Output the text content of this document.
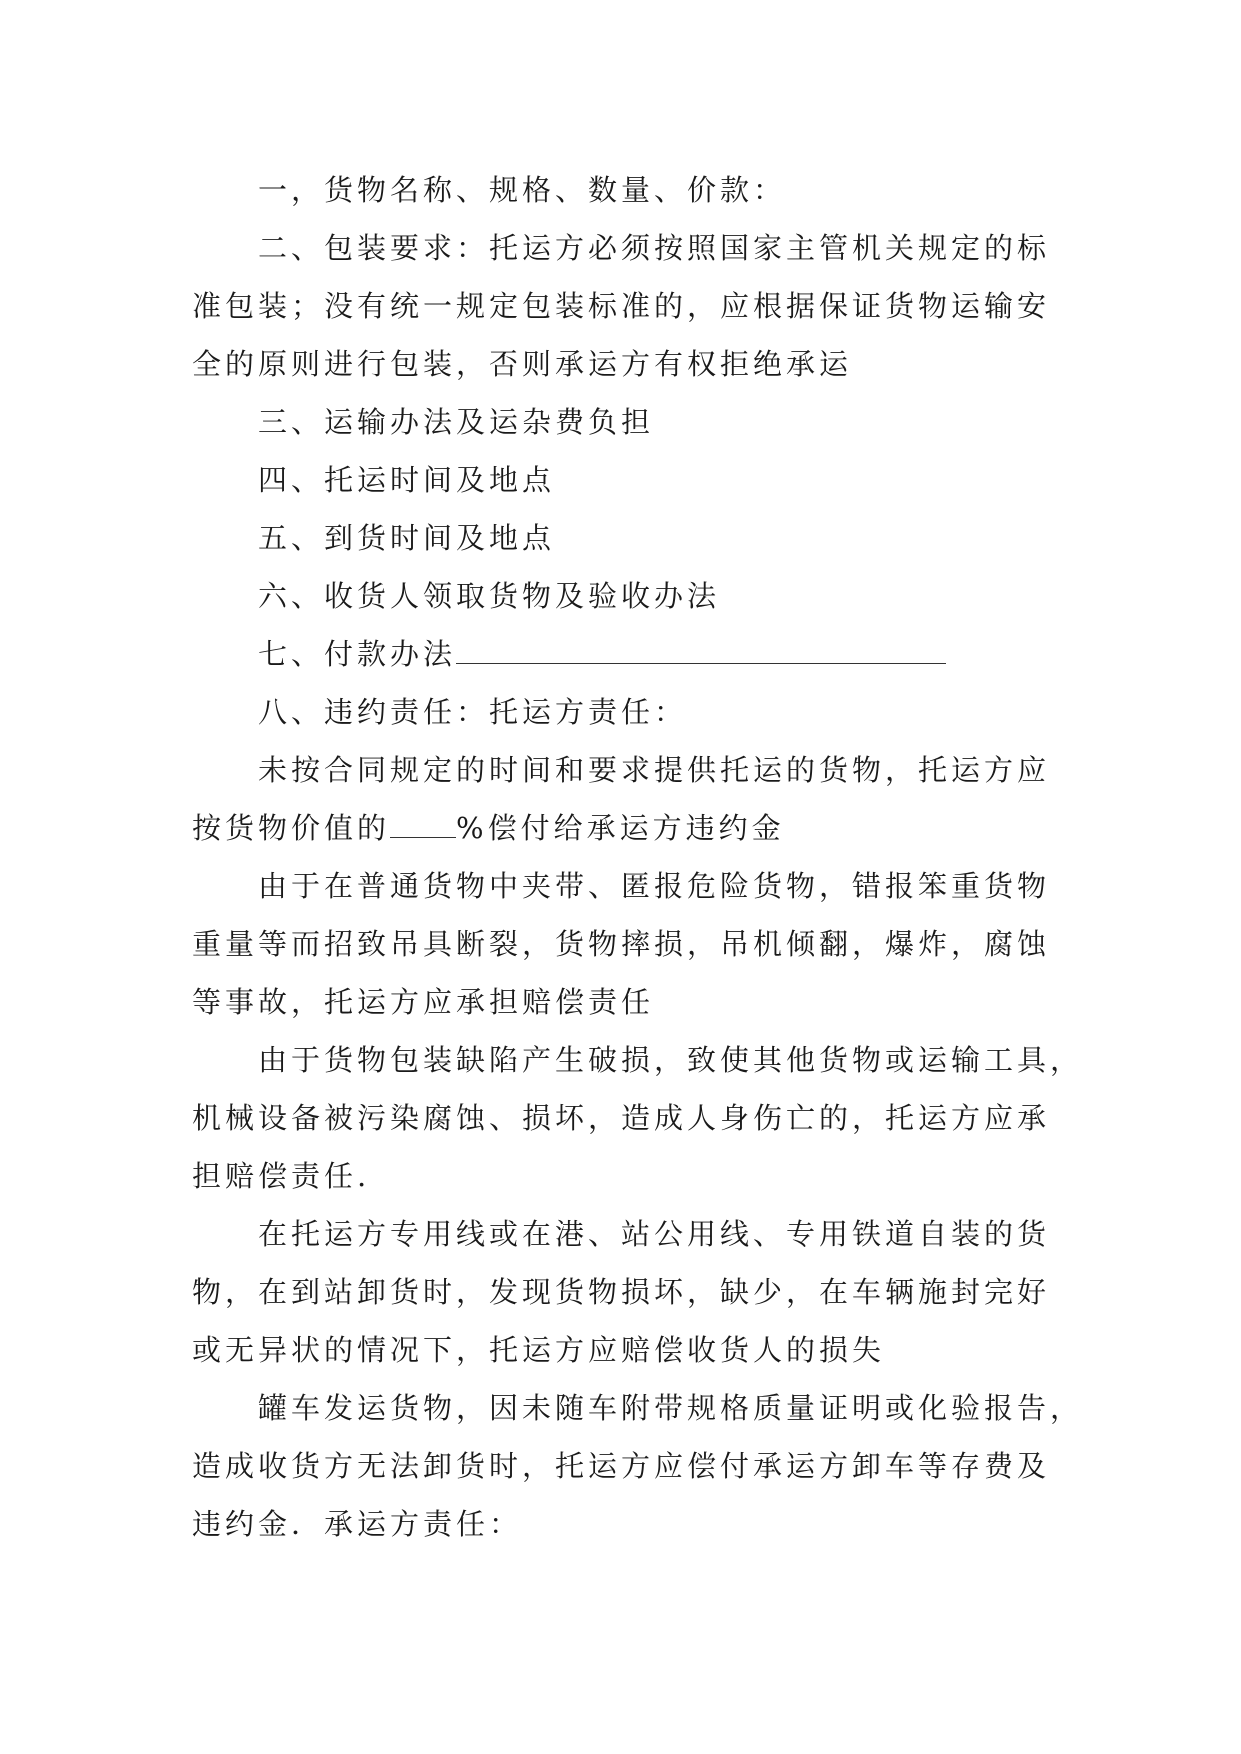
一，货物名称、规格、数量、价款：

二、包装要求：托运方必须按照国家主管机关规定的标
准包装；没有统一规定包装标准的，应根据保证货物运输安
全的原则进行包装，否则承运方有权拒绝承运

三、运输办法及运杂费负担

四、托运时间及地点

五、到货时间及地点

六、收货人领取货物及验收办法

七、付款办法

八、违约责任：托运方责任：

未按合同规定的时间和要求提供托运的货物，托运方应
按货物价值的 %偿付给承运方违约金

由于在普通货物中夹带、匿报危险货物，错报笨重货物
重量等而招致吊具断裂，货物摔损，吊机倾翻，爆炸，腐蚀
等事故，托运方应承担赔偿责任

由于货物包装缺陷产生破损，致使其他货物或运输工具，
机械设备被污染腐蚀、损坏，造成人身伤亡的，托运方应承
担赔偿责任.

在托运方专用线或在港、站公用线、专用铁道自装的货
物，在到站卸货时，发现货物损坏，缺少，在车辆施封完好
或无异状的情况下，托运方应赔偿收货人的损失

罐车发运货物，因未随车附带规格质量证明或化验报告，
造成收货方无法卸货时，托运方应偿付承运方卸车等存费及
违约金．承运方责任：
